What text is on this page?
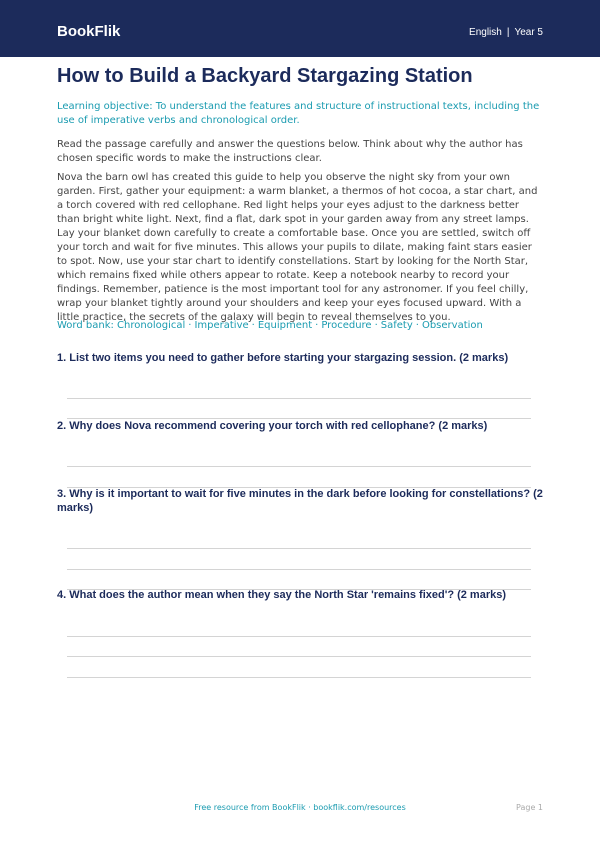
BookFlik	English | Year 5
How to Build a Backyard Stargazing Station
Learning objective: To understand the features and structure of instructional texts, including the use of imperative verbs and chronological order.
Read the passage carefully and answer the questions below. Think about why the author has chosen specific words to make the instructions clear.
Nova the barn owl has created this guide to help you observe the night sky from your own garden. First, gather your equipment: a warm blanket, a thermos of hot cocoa, a star chart, and a torch covered with red cellophane. Red light helps your eyes adjust to the darkness better than bright white light. Next, find a flat, dark spot in your garden away from any street lamps. Lay your blanket down carefully to create a comfortable base. Once you are settled, switch off your torch and wait for five minutes. This allows your pupils to dilate, making faint stars easier to spot. Now, use your star chart to identify constellations. Start by looking for the North Star, which remains fixed while others appear to rotate. Keep a notebook nearby to record your findings. Remember, patience is the most important tool for any astronomer. If you feel chilly, wrap your blanket tightly around your shoulders and keep your eyes focused upward. With a little practice, the secrets of the galaxy will begin to reveal themselves to you.
Word bank: Chronological · Imperative · Equipment · Procedure · Safety · Observation
1. List two items you need to gather before starting your stargazing session. (2 marks)
2. Why does Nova recommend covering your torch with red cellophane? (2 marks)
3. Why is it important to wait for five minutes in the dark before looking for constellations? (2 marks)
4. What does the author mean when they say the North Star 'remains fixed'? (2 marks)
Free resource from BookFlik · bookflik.com/resources	Page 1
